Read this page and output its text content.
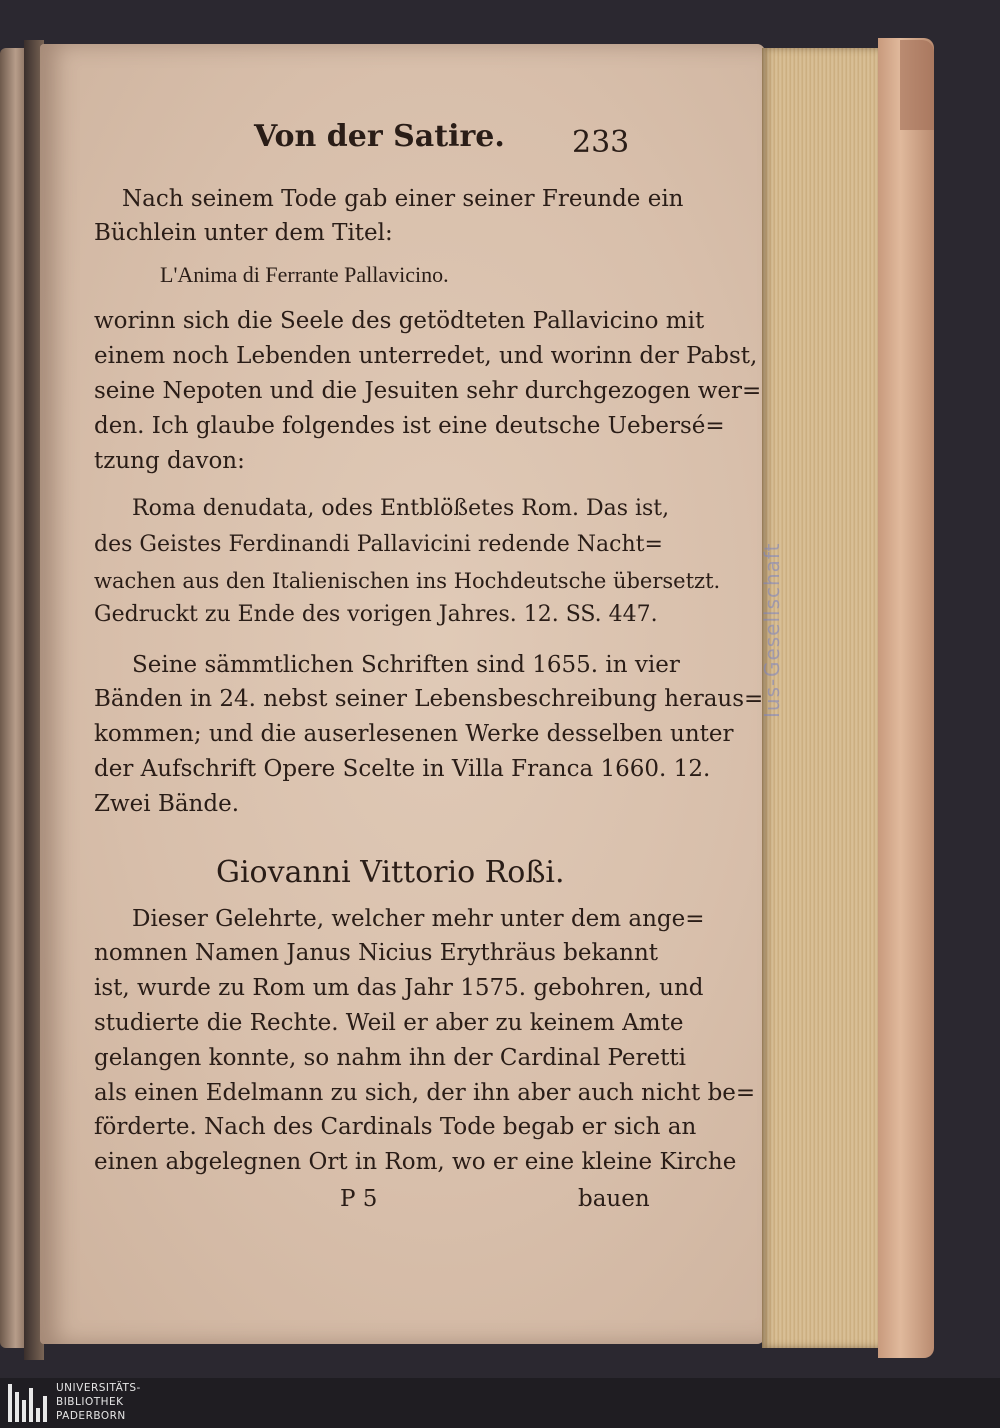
Ius-Gesellschaft
Von der Satire. 233
Nach seinem Tode gab einer seiner Freunde ein
Büchlein unter dem Titel:
L'Anima di Ferrante Pallavicino.
worinn sich die Seele des getödteten Pallavicino mit
einem noch Lebenden unterredet, und worinn der Pabst,
seine Nepoten und die Jesuiten sehr durchgezogen wer=
den. Ich glaube folgendes ist eine deutsche Uebersé=
tzung davon:
Roma denudata, odes Entblößetes Rom. Das ist,
des Geistes Ferdinandi Pallavicini redende Nacht=
wachen aus den Italienischen ins Hochdeutsche übersetzt.
Gedruckt zu Ende des vorigen Jahres. 12. SS. 447.
Seine sämmtlichen Schriften sind 1655. in vier
Bänden in 24. nebst seiner Lebensbeschreibung heraus=
kommen; und die auserlesenen Werke desselben unter
der Aufschrift Opere Scelte in Villa Franca 1660. 12.
Zwei Bände.
Giovanni Vittorio Roßi.
Dieser Gelehrte, welcher mehr unter dem ange=
nomnen Namen Janus Nicius Erythräus bekannt
ist, wurde zu Rom um das Jahr 1575. gebohren, und
studierte die Rechte. Weil er aber zu keinem Amte
gelangen konnte, so nahm ihn der Cardinal Peretti
als einen Edelmann zu sich, der ihn aber auch nicht be=
förderte. Nach des Cardinals Tode begab er sich an
einen abgelegnen Ort in Rom, wo er eine kleine Kirche
P 5	bauen
UNIVERSITÄTS-
BIBLIOTHEK
PADERBORN
